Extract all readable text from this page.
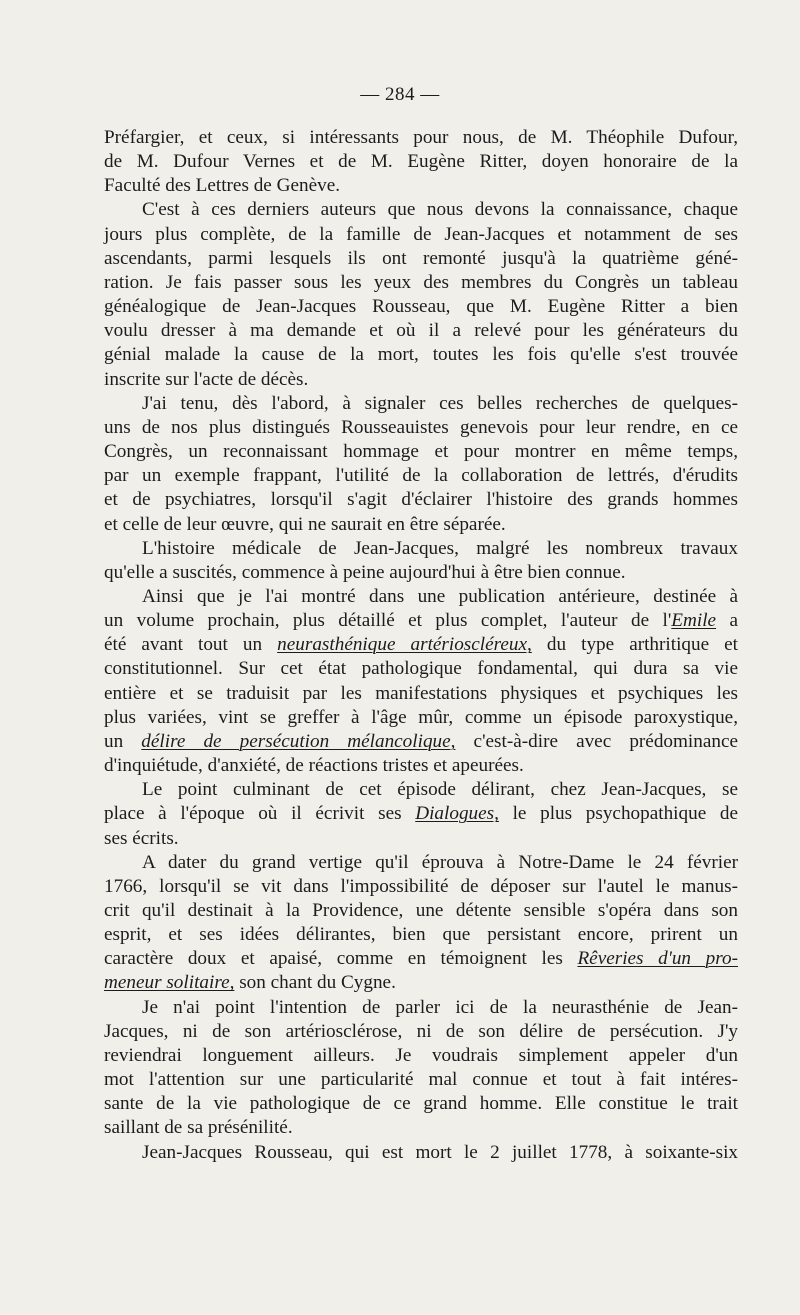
— 284 —

Préfargier, et ceux, si intéressants pour nous, de M. Théophile Dufour,
de M. Dufour Vernes et de M. Eugène Ritter, doyen honoraire de la
Faculté des Lettres de Genève.

C'est à ces derniers auteurs que nous devons la connaissance, chaque
jours plus complète, de la famille de Jean-Jacques et notamment de ses
ascendants, parmi lesquels ils ont remonté jusqu'à la quatrième géné-
ration. Je fais passer sous les yeux des membres du Congrès un tableau
généalogique de Jean-Jacques Rousseau, que M. Eugène Ritter a bien
voulu dresser à ma demande et où il a relevé pour les générateurs du
génial malade la cause de la mort, toutes les fois qu'elle s'est trouvée
inscrite sur l'acte de décès.

J'ai tenu, dès l'abord, à signaler ces belles recherches de quelques-
uns de nos plus distingués Rousseauistes genevois pour leur rendre, en ce
Congrès, un reconnaissant hommage et pour montrer en même temps,
par un exemple frappant, l'utilité de la collaboration de lettrés, d'érudits
et de psychiatres, lorsqu'il s'agit d'éclairer l'histoire des grands hommes
et celle de leur œuvre, qui ne saurait en être séparée.

L'histoire médicale de Jean-Jacques, malgré les nombreux travaux
qu'elle a suscités, commence à peine aujourd'hui à être bien connue.

Ainsi que je l'ai montré dans une publication antérieure, destinée à
un volume prochain, plus détaillé et plus complet, l'auteur de l'Emile a
été avant tout un neurasthénique artérioscléreux, du type arthritique et
constitutionnel. Sur cet état pathologique fondamental, qui dura sa vie
entière et se traduisit par les manifestations physiques et psychiques les
plus variées, vint se greffer à l'âge mûr, comme un épisode paroxystique,
un délire de persécution mélancolique, c'est-à-dire avec prédominance
d'inquiétude, d'anxiété, de réactions tristes et apeurées.

Le point culminant de cet épisode délirant, chez Jean-Jacques, se
place à l'époque où il écrivit ses Dialogues, le plus psychopathique de
ses écrits.

A dater du grand vertige qu'il éprouva à Notre-Dame le 24 février
1766, lorsqu'il se vit dans l'impossibilité de déposer sur l'autel le manus-
crit qu'il destinait à la Providence, une détente sensible s'opéra dans son
esprit, et ses idées délirantes, bien que persistant encore, prirent un
caractère doux et apaisé, comme en témoignent les Rêveries d'un pro-
meneur solitaire, son chant du Cygne.

Je n'ai point l'intention de parler ici de la neurasthénie de Jean-
Jacques, ni de son artériosclérose, ni de son délire de persécution. J'y
reviendrai longuement ailleurs. Je voudrais simplement appeler d'un
mot l'attention sur une particularité mal connue et tout à fait intéres-
sante de la vie pathologique de ce grand homme. Elle constitue le trait
saillant de sa présénilité.

Jean-Jacques Rousseau, qui est mort le 2 juillet 1778, à soixante-six
